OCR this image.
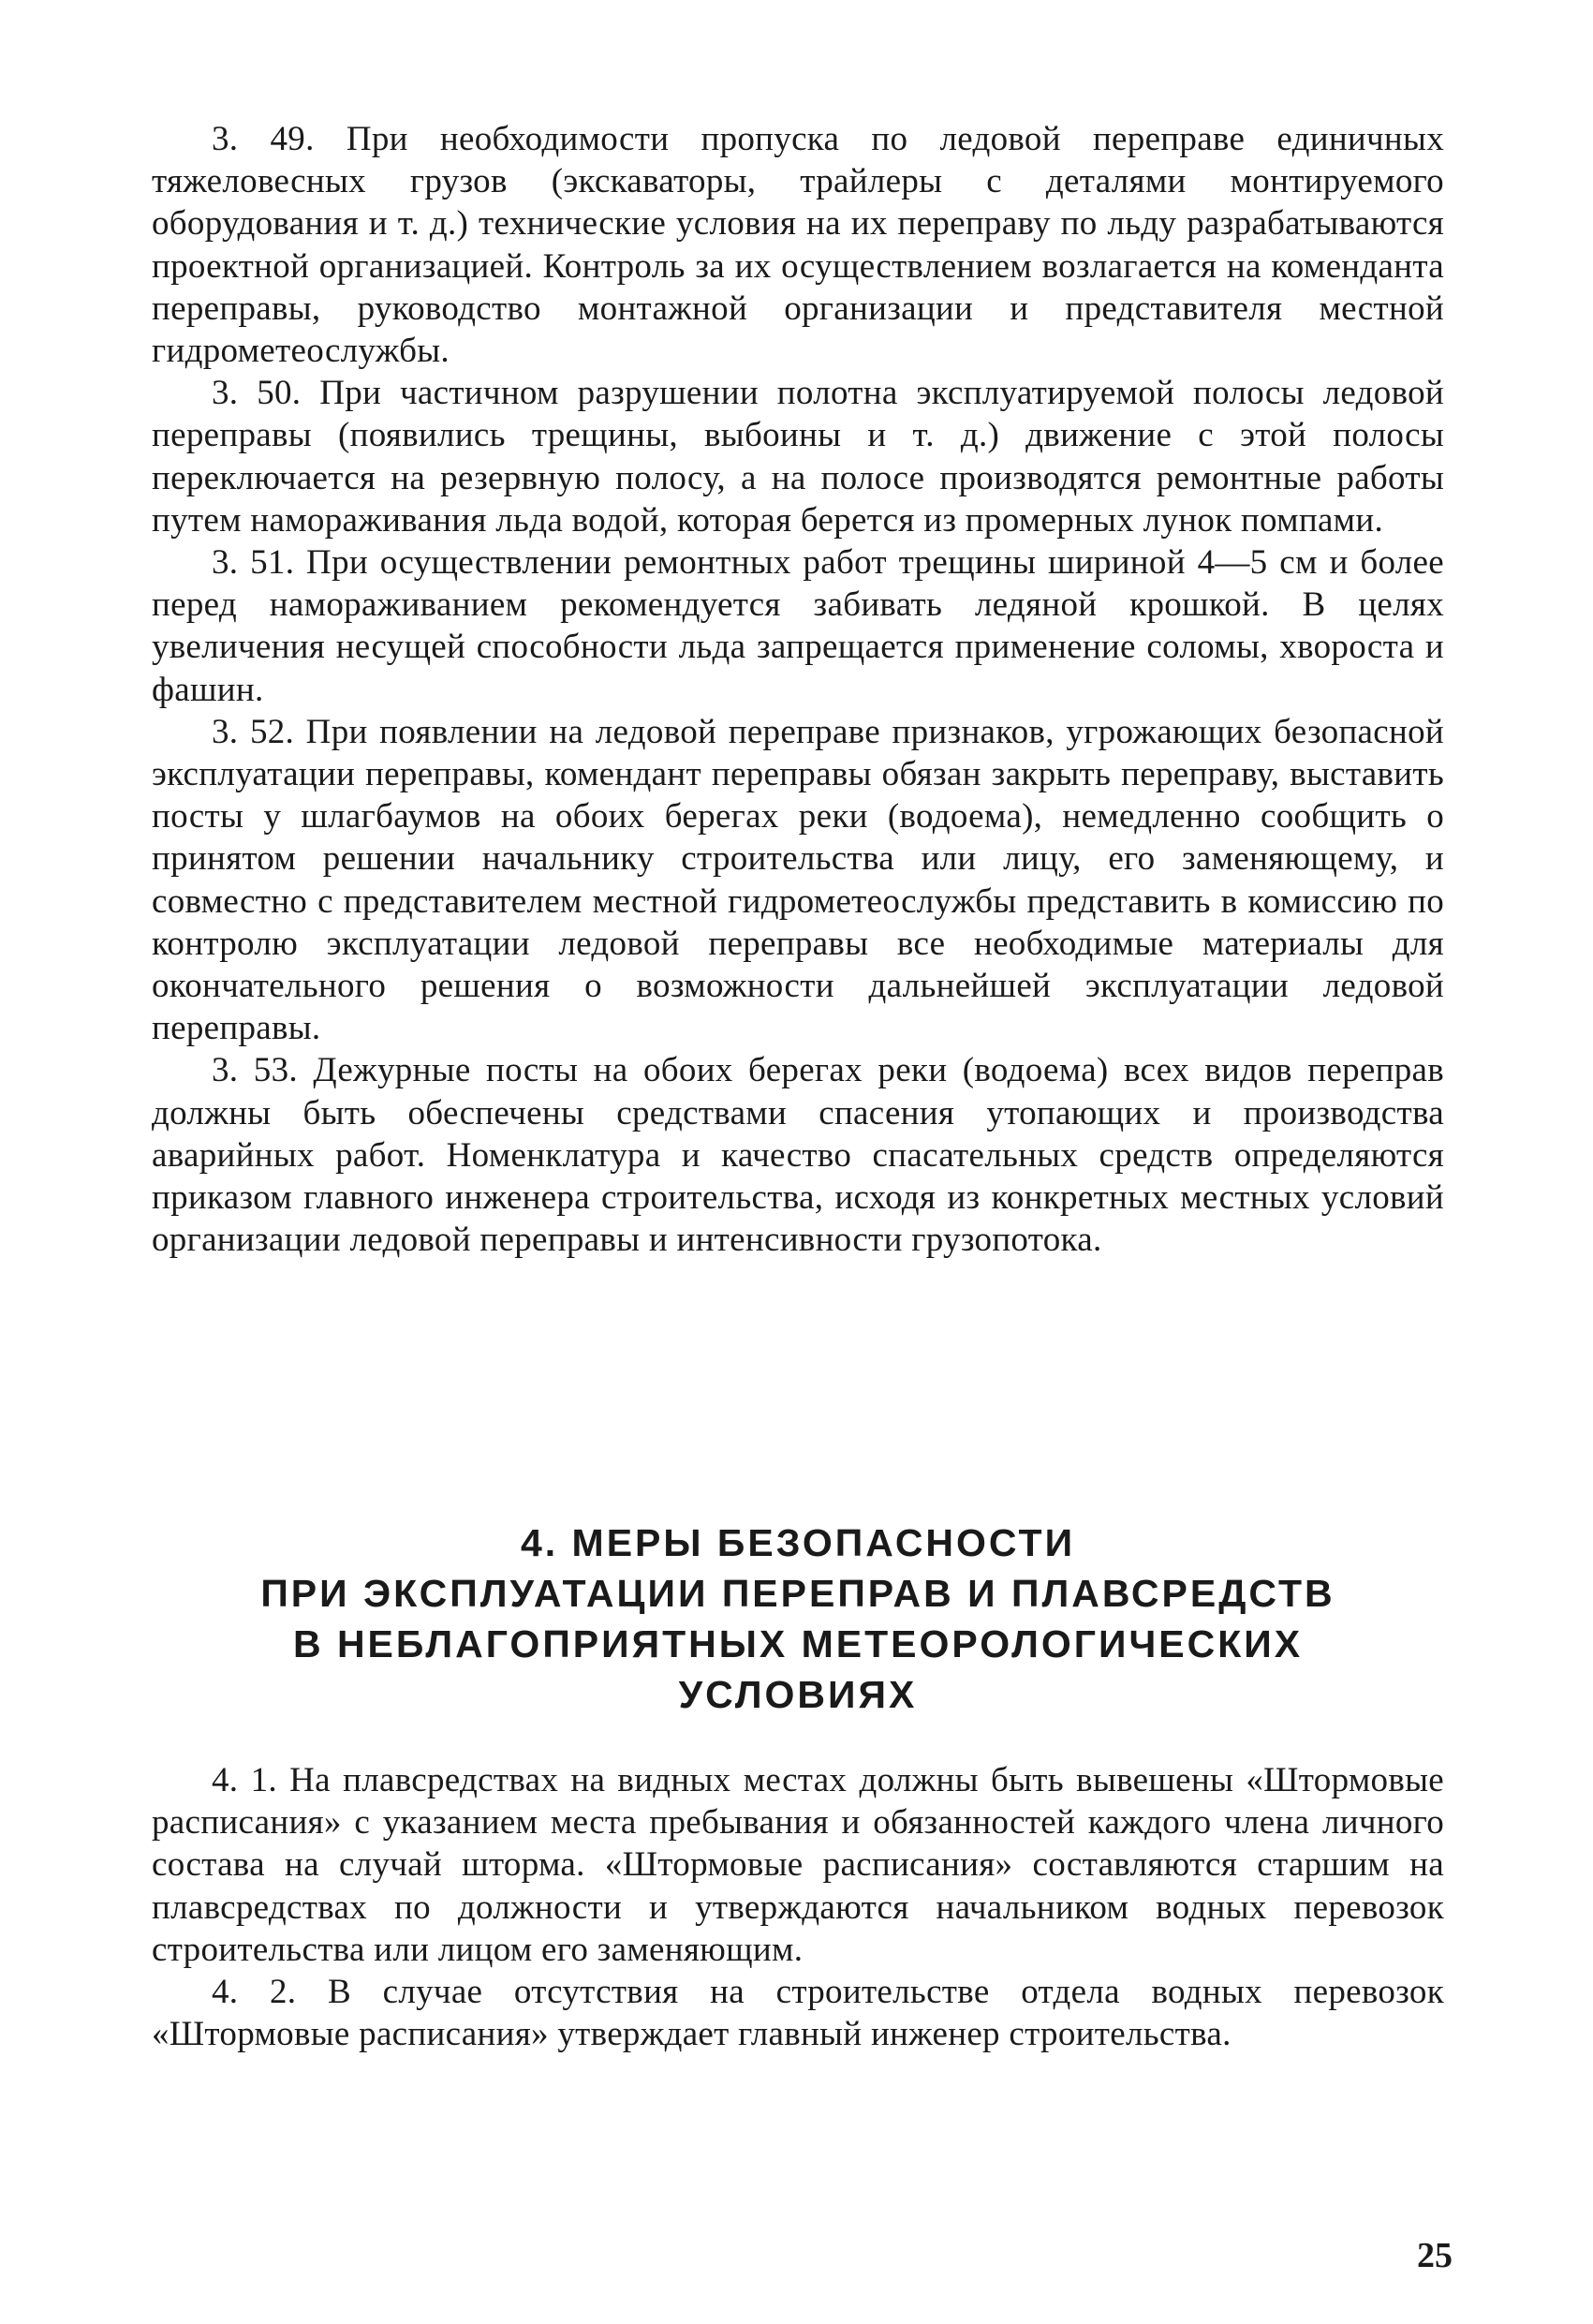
3. 49. При необходимости пропуска по ледовой переправе единичных тяжеловесных грузов (экскаваторы, трайлеры с деталями монтируемого оборудования и т. д.) технические условия на их переправу по льду разрабатываются проектной организацией. Контроль за их осуществлением возлагается на коменданта переправы, руководство монтажной организации и представителя местной гидрометеослужбы.

3. 50. При частичном разрушении полотна эксплуатируемой полосы ледовой переправы (появились трещины, выбоины и т. д.) движение с этой полосы переключается на резервную полосу, а на полосе производятся ремонтные работы путем намораживания льда водой, которая берется из промерных лунок помпами.

3. 51. При осуществлении ремонтных работ трещины шириной 4—5 см и более перед намораживанием рекомендуется забивать ледяной крошкой. В целях увеличения несущей способности льда запрещается применение соломы, хвороста и фашин.

3. 52. При появлении на ледовой переправе признаков, угрожающих безопасной эксплуатации переправы, комендант переправы обязан закрыть переправу, выставить посты у шлагбаумов на обоих берегах реки (водоема), немедленно сообщить о принятом решении начальнику строительства или лицу, его заменяющему, и совместно с представителем местной гидрометеослужбы представить в комиссию по контролю эксплуатации ледовой переправы все необходимые материалы для окончательного решения о возможности дальнейшей эксплуатации ледовой переправы.

3. 53. Дежурные посты на обоих берегах реки (водоема) всех видов переправ должны быть обеспечены средствами спасения утопающих и производства аварийных работ. Номенклатура и качество спасательных средств определяются приказом главного инженера строительства, исходя из конкретных местных условий организации ледовой переправы и интенсивности грузопотока.

4. МЕРЫ БЕЗОПАСНОСТИ
ПРИ ЭКСПЛУАТАЦИИ ПЕРЕПРАВ И ПЛАВСРЕДСТВ
В НЕБЛАГОПРИЯТНЫХ МЕТЕОРОЛОГИЧЕСКИХ
УСЛОВИЯХ

4. 1. На плавсредствах на видных местах должны быть вывешены «Штормовые расписания» с указанием места пребывания и обязанностей каждого члена личного состава на случай шторма. «Штормовые расписания» составляются старшим на плавсредствах по должности и утверждаются начальником водных перевозок строительства или лицом его заменяющим.

4. 2. В случае отсутствия на строительстве отдела водных перевозок «Штормовые расписания» утверждает главный инженер строительства.

25
